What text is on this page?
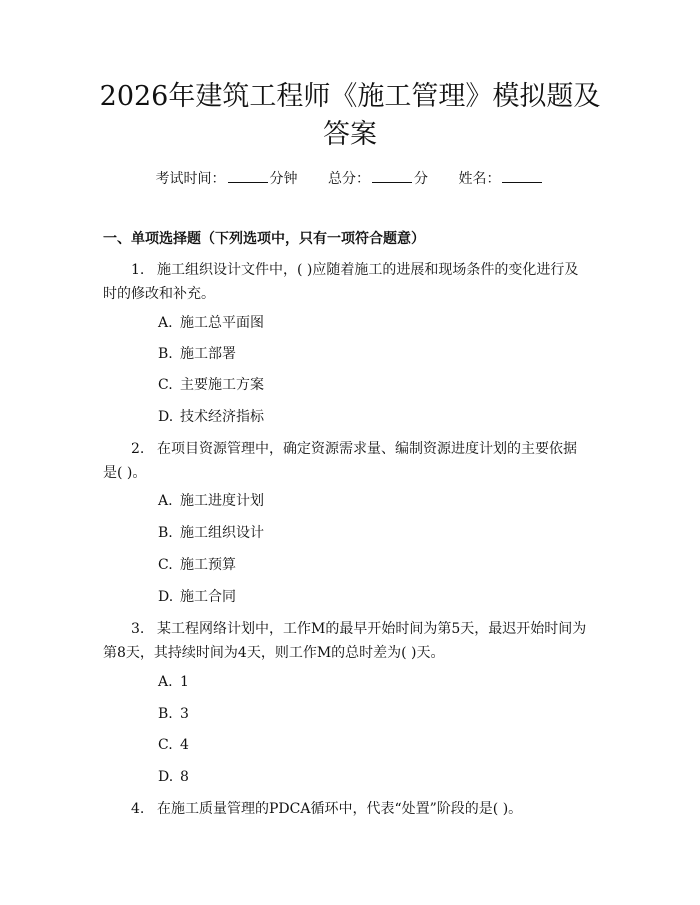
2026年建筑工程师《施工管理》模拟题及答案
考试时间：	分钟 总分：	分 姓名：
一、单项选择题（下列选项中，只有一项符合题意）
1. 施工组织设计文件中，( )应随着施工的进展和现场条件的变化进行及时的修改和补充。
A. 施工总平面图
B. 施工部署
C. 主要施工方案
D. 技术经济指标
2. 在项目资源管理中，确定资源需求量、编制资源进度计划的主要依据是( )。
A. 施工进度计划
B. 施工组织设计
C. 施工预算
D. 施工合同
3. 某工程网络计划中，工作M的最早开始时间为第5天，最迟开始时间为第8天，其持续时间为4天，则工作M的总时差为( )天。
A. 1
B. 3
C. 4
D. 8
4. 在施工质量管理的PDCA循环中，代表“处置”阶段的是( )。
